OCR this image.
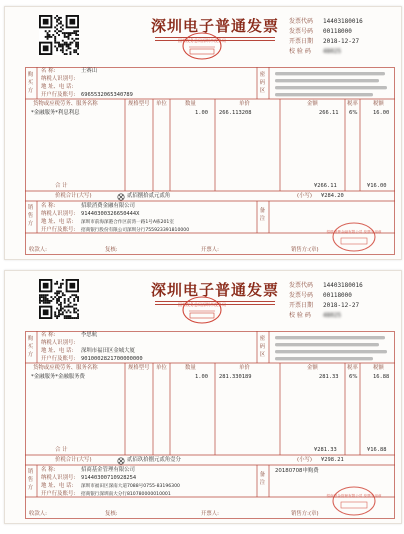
深圳电子普通发票
国家税务总局深圳市税务局
发票代码 14403180016
发票号码 00118000
开票日期 2018-12-27
校 验 码 48025
购买方
名 称:	王赛山
纳税人识别号:
地 址、电 话:
开户行及账号: 6965532065340789
密码区
货物或应税劳务、服务名称	规格型号 单位	数量	单价	金额	税率	税额
*金融服务*利息利息	1.00 266.113208	266.11 6%	16.00
合 计	¥266.11	¥16.00
价税合计(大写)	贰佰捌拾贰元贰角	(小写) ¥284.20
销售方
名 称:	招联消费金融有限公司
纳税人识别号: 91440300326650444X
地 址、电 话: 深圳市前海深港合作区前湾一路1号A栋201室
开户行及账号: 招商银行股份有限公司深圳分行755923391810000
备注
收款人:	复核:	开票人:	销售方:(章)
招联消费金融有限公司 发票专用章
深圳电子普通发票
国家税务总局深圳市税务局
发票代码 14403180016
发票号码 00118000
开票日期 2018-12-27
校 验 码 48025
购买方
名 称:	李思航
纳税人识别号:
地 址、电 话: 深圳市福田区金城大厦
开户行及账号: 9010002821700000000
密码区
货物或应税劳务、服务名称	规格型号 单位	数量	单价	金额	税率	税额
*金融服务*金融服务费	1.00 281.330189	281.33 6%	16.88
合 计	¥281.33	¥16.88
价税合计(大写)	贰佰玖拾捌元贰角壹分	(小写) ¥298.21
销售方
名 称:	招商基金管理有限公司
纳税人识别号: 91440300710928254
地 址、电 话: 深圳市福田区深南大道7088号0755-83196300
开户行及账号: 招商银行深圳南大分行810780000010001
备注
20180708申购费
收款人:	复核:	开票人:	销售方:(章)
招商基金管理有限公司 发票专用章
